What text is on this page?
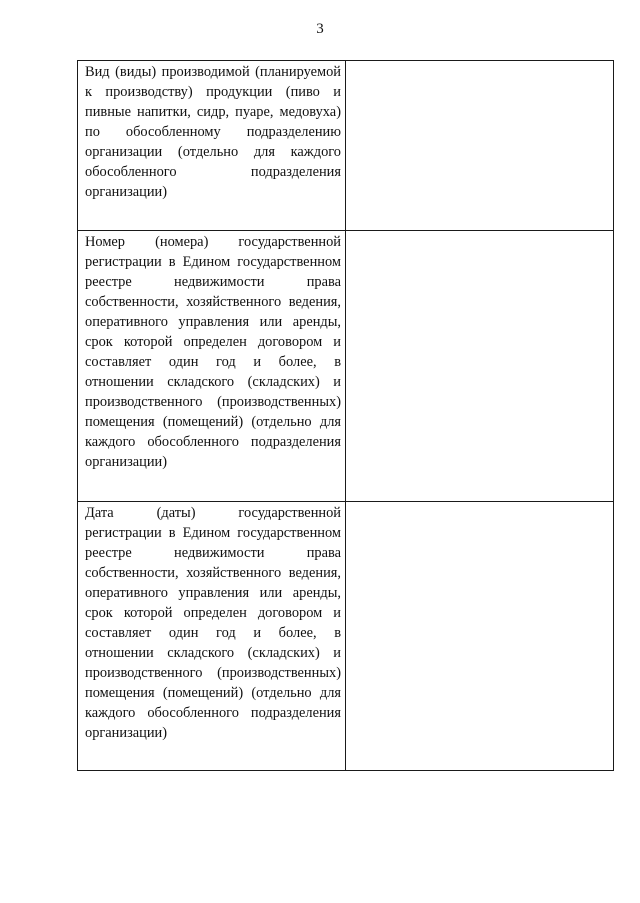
3
Вид (виды) производимой (планируемой к производству) продукции (пиво и пивные напитки, сидр, пуаре, медовуха) по обособленному подразделению организации (отдельно для каждого обособленного подразделения организации)	

Номер (номера) государственной регистрации в Едином государственном реестре недвижимости права собственности, хозяйственного ведения, оперативного управления или аренды, срок которой определен договором и составляет один год и более, в отношении складского (складских) и производственного (производственных) помещения (помещений) (отдельно для каждого обособленного подразделения организации)	

Дата (даты) государственной регистрации в Едином государственном реестре недвижимости права собственности, хозяйственного ведения, оперативного управления или аренды, срок которой определен договором и составляет один год и более, в отношении складского (складских) и производственного (производственных) помещения (помещений) (отдельно для каждого обособленного подразделения организации)	
